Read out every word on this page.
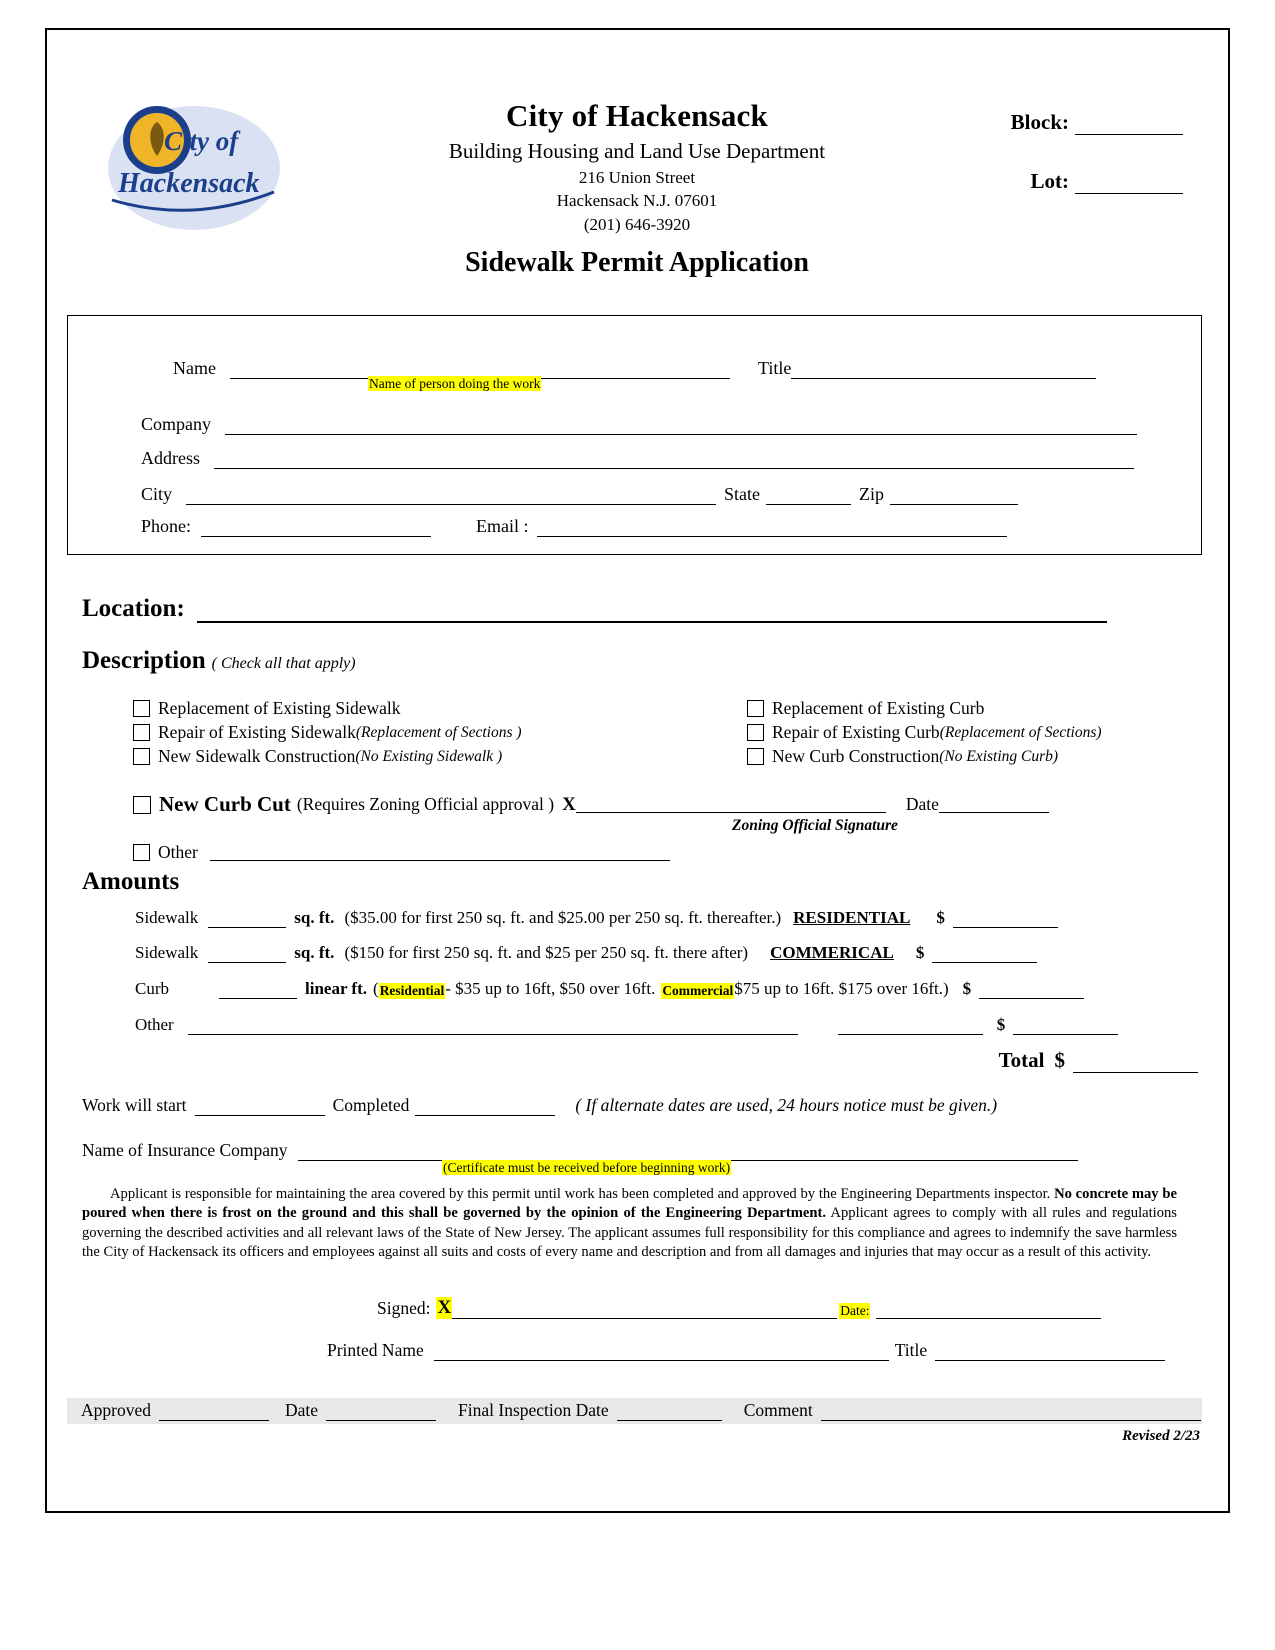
City of
Hackensack
City of Hackensack
Building Housing and Land Use Department
216 Union Street
Hackensack N.J. 07601
(201) 646-3920
Sidewalk Permit Application
Block:
Lot:
Name	Title
Name of person doing the work
Company
Address
City	State	Zip
Phone:	Email :
Location:
Description ( Check all that apply)
Replacement of Existing Sidewalk
Repair of Existing Sidewalk (Replacement of Sections )
New Sidewalk Construction (No Existing Sidewalk )
Replacement of Existing Curb
Repair of Existing Curb (Replacement of Sections)
New Curb Construction (No Existing Curb)
New Curb Cut (Requires Zoning Official approval ) X	Date
Zoning Official Signature
Other
Amounts
Sidewalk	sq. ft. ($35.00 for first 250 sq. ft. and $25.00 per 250 sq. ft. thereafter.) RESIDENTIAL $
Sidewalk	sq. ft. ($150 for first 250 sq. ft. and $25 per 250 sq. ft. there after) COMMERICAL $
Curb	linear ft. ( Residential - $35 up to 16ft, $50 over 16ft. Commercial $75 up to 16ft. $175 over 16ft.) $
Other	$
Total $
Work will start	Completed	( If alternate dates are used, 24 hours notice must be given.)
Name of Insurance Company
(Certificate must be received before beginning work)
Applicant is responsible for maintaining the area covered by this permit until work has been completed and approved by the Engineering Departments inspector. No concrete may be poured when there is frost on the ground and this shall be governed by the opinion of the Engineering Department. Applicant agrees to comply with all rules and regulations governing the described activities and all relevant laws of the State of New Jersey. The applicant assumes full responsibility for this compliance and agrees to indemnify the save harmless the City of Hackensack its officers and employees against all suits and costs of every name and description and from all damages and injuries that may occur as a result of this activity.
Signed: X	Date:
Printed Name	Title
Approved	Date	Final Inspection Date	Comment
Revised 2/23
